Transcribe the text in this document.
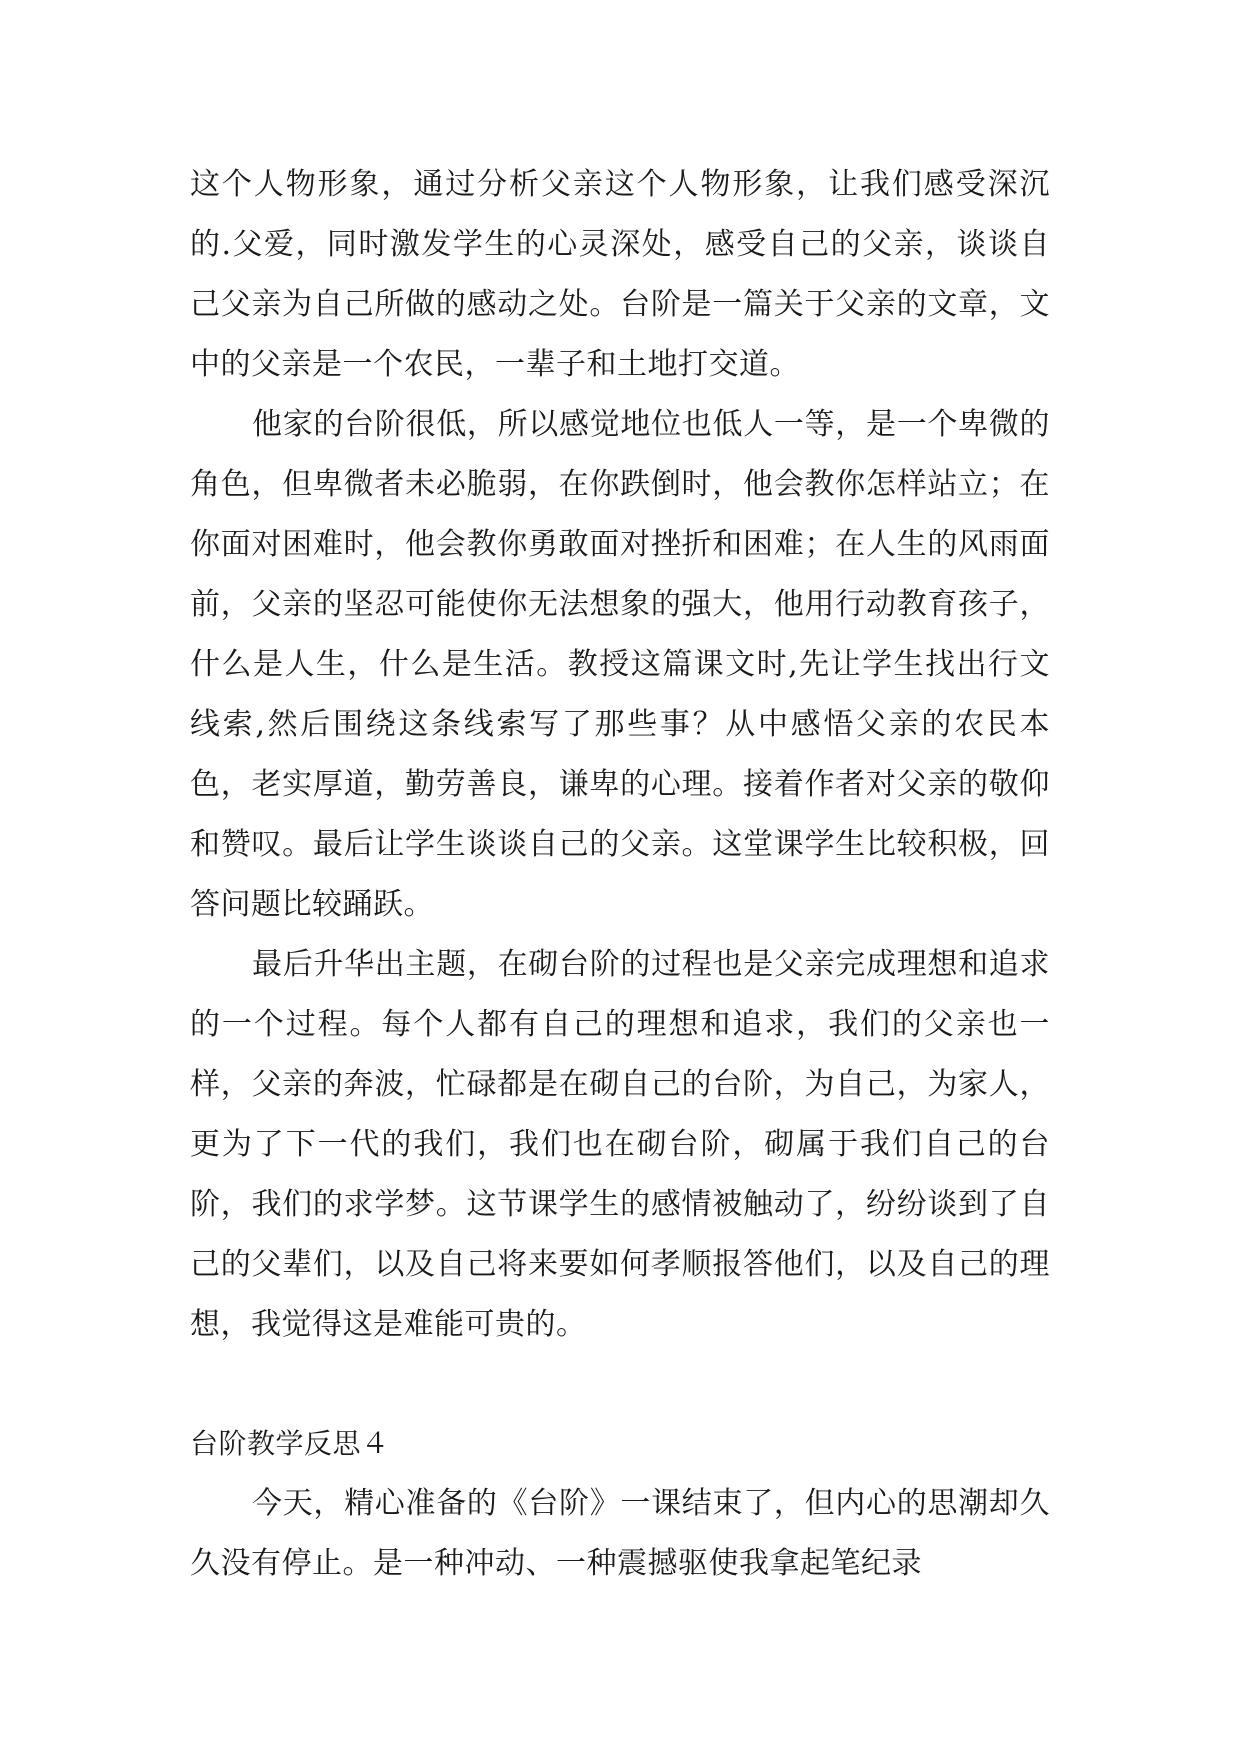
这个人物形象，通过分析父亲这个人物形象，让我们感受深沉的.父爱，同时激发学生的心灵深处，感受自己的父亲，谈谈自己父亲为自己所做的感动之处。台阶是一篇关于父亲的文章，文中的父亲是一个农民，一辈子和土地打交道。

他家的台阶很低，所以感觉地位也低人一等，是一个卑微的角色，但卑微者未必脆弱，在你跌倒时，他会教你怎样站立；在你面对困难时，他会教你勇敢面对挫折和困难；在人生的风雨面前，父亲的坚忍可能使你无法想象的强大，他用行动教育孩子，什么是人生，什么是生活。教授这篇课文时,先让学生找出行文线索,然后围绕这条线索写了那些事？从中感悟父亲的农民本色，老实厚道，勤劳善良，谦卑的心理。接着作者对父亲的敬仰和赞叹。最后让学生谈谈自己的父亲。这堂课学生比较积极，回答问题比较踊跃。

最后升华出主题，在砌台阶的过程也是父亲完成理想和追求的一个过程。每个人都有自己的理想和追求，我们的父亲也一样，父亲的奔波，忙碌都是在砌自己的台阶，为自己，为家人，更为了下一代的我们，我们也在砌台阶，砌属于我们自己的台阶，我们的求学梦。这节课学生的感情被触动了，纷纷谈到了自己的父辈们，以及自己将来要如何孝顺报答他们，以及自己的理想，我觉得这是难能可贵的。

台阶教学反思４

今天，精心准备的《台阶》一课结束了，但内心的思潮却久久没有停止。是一种冲动、一种震撼驱使我拿起笔纪录
